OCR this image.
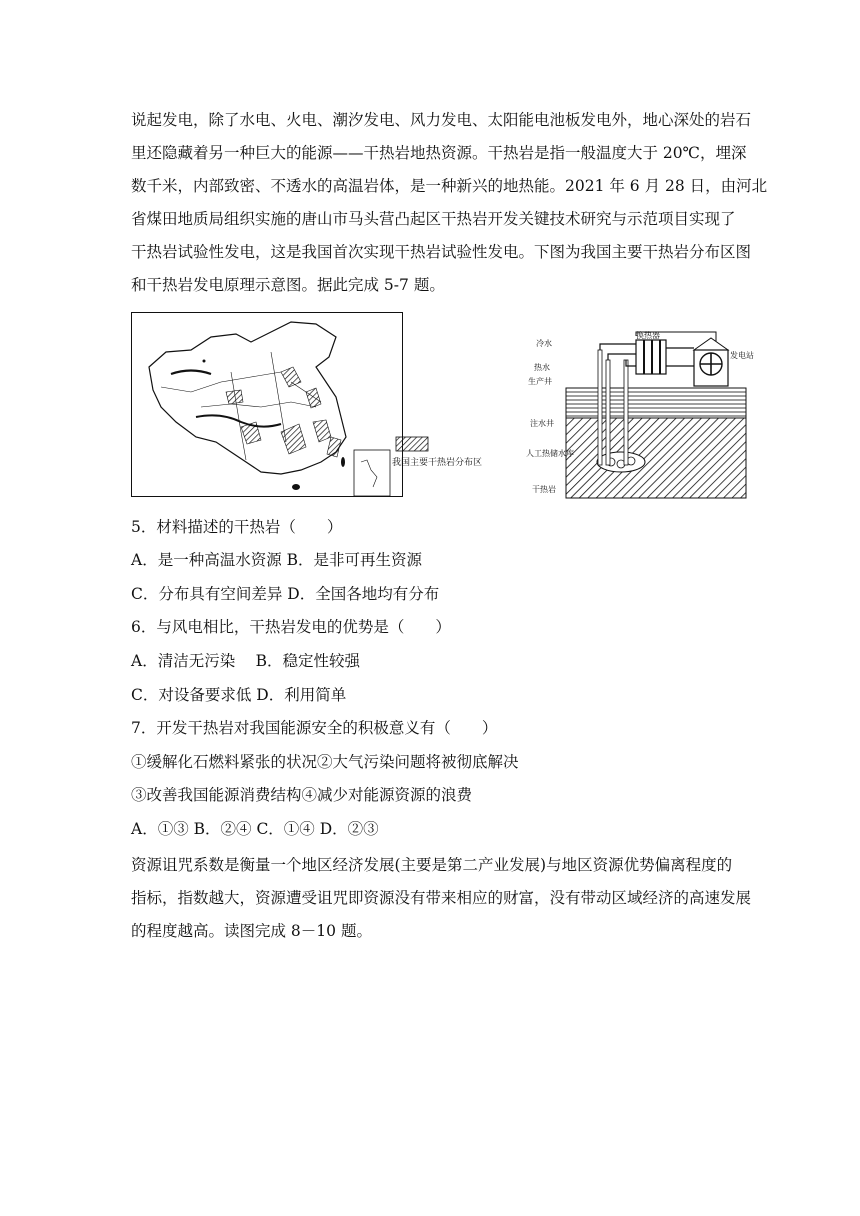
说起发电，除了水电、火电、潮汐发电、风力发电、太阳能电池板发电外，地心深处的岩石
里还隐藏着另一种巨大的能源——干热岩地热资源。干热岩是指一般温度大于 20℃，埋深
数千米，内部致密、不透水的高温岩体，是一种新兴的地热能。2021 年 6 月 28 日，由河北
省煤田地质局组织实施的唐山市马头营凸起区干热岩开发关键技术研究与示范项目实现了
干热岩试验性发电，这是我国首次实现干热岩试验性发电。下图为我国主要干热岩分布区图
和干热岩发电原理示意图。据此完成 5-7 题。
我国主要干热岩分布区
冷水
换热器
发电站
热水
生产井
注水井
人工热储水库
干热岩
5．材料描述的干热岩（　　）
A．是一种高温水资源 B．是非可再生资源
C．分布具有空间差异 D．全国各地均有分布
6．与风电相比，干热岩发电的优势是（　　）
A．清洁无污染　 B．稳定性较强
C．对设备要求低 D．利用简单
7．开发干热岩对我国能源安全的积极意义有（　　）
①缓解化石燃料紧张的状况②大气污染问题将被彻底解决
③改善我国能源消费结构④减少对能源资源的浪费
A．①③ B．②④ C．①④ D．②③
资源诅咒系数是衡量一个地区经济发展(主要是第二产业发展)与地区资源优势偏离程度的
指标，指数越大，资源遭受诅咒即资源没有带来相应的财富，没有带动区域经济的高速发展
的程度越高。读图完成 8－10 题。
